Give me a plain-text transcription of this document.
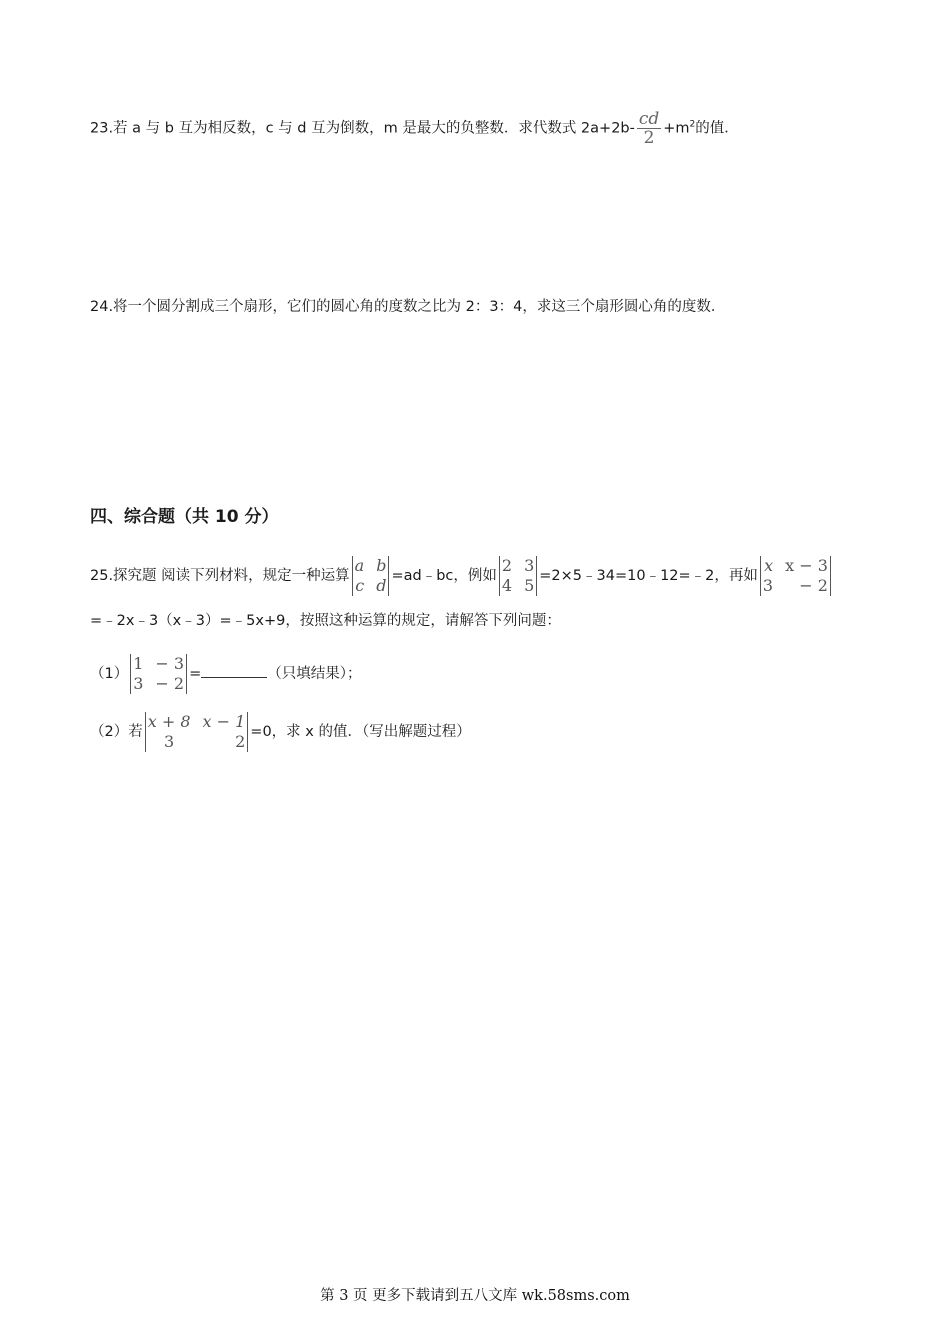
23.若 a 与 b 互为相反数，c 与 d 互为倒数，m 是最大的负整数．求代数式 $2a+2b- \frac{cd}{2} +m^2$的值．
24.将一个圆分割成三个扇形，它们的圆心角的度数之比为 2：3：4，求这三个扇形圆心角的度数．
四、综合题（共 10 分）
25.探究题 阅读下列材料，规定一种运算
a b
c d =ad﹣bc，例如
2 3
4 5 =2×5﹣34=10﹣12=﹣2，再如
x x − 3
3	− 2
=﹣2x﹣3（x﹣3）=﹣5x+9，按照这种运算的规定，请解答下列问题：
（1）
1 − 3
3 − 2 =	（只填结果）；
（2）若
x + 8 x − 1
3	2 =0，求 x 的值．（写出解题过程）
第 3 页 更多下载请到五八文库 wk.58sms.com
